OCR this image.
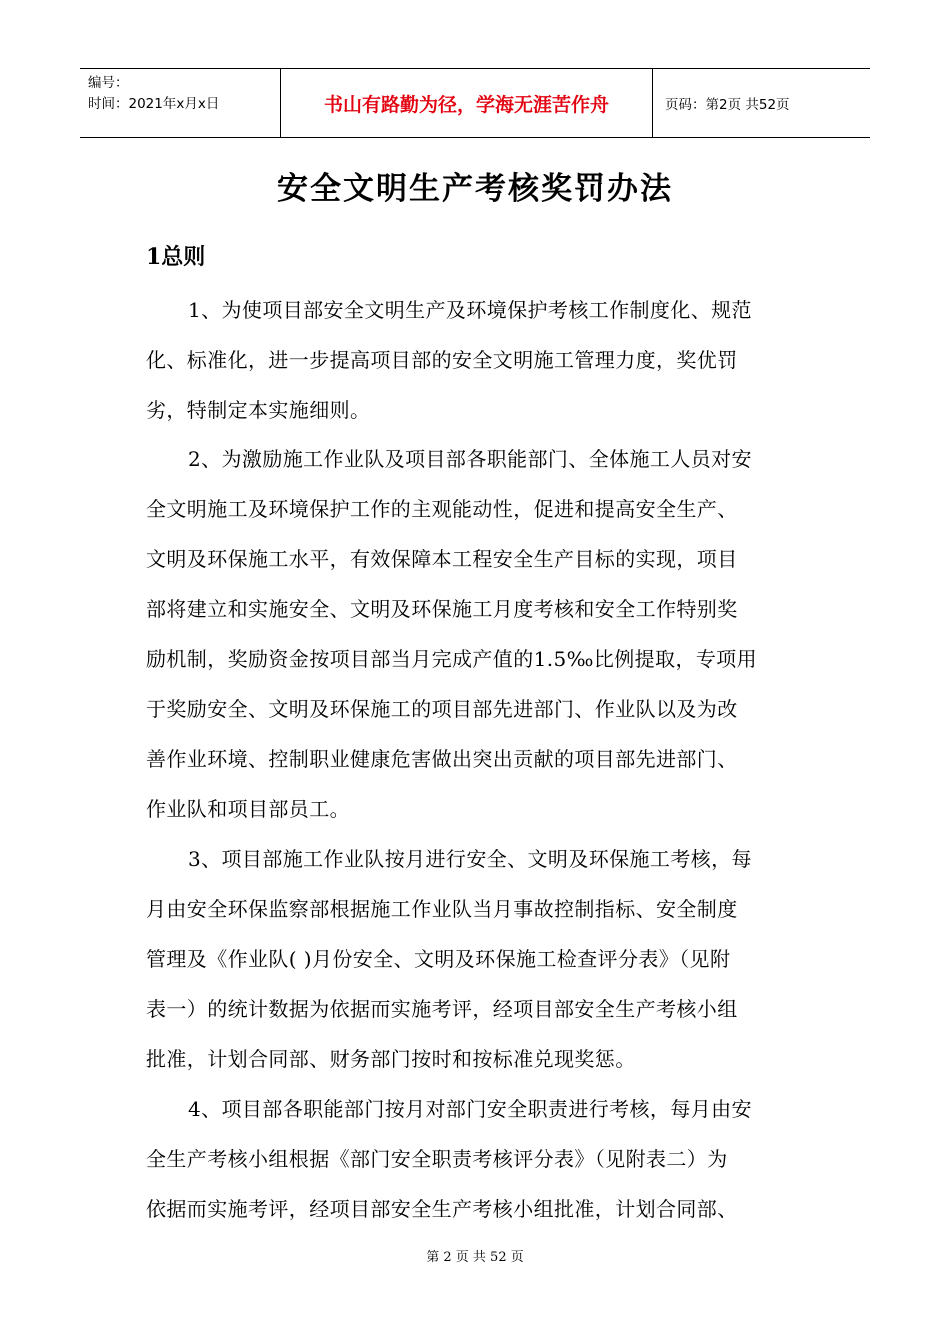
编号：
时间：2021年x月x日	书山有路勤为径，学海无涯苦作舟	页码：第2页 共52页
安全文明生产考核奖罚办法
1总则
1、为使项目部安全文明生产及环境保护考核工作制度化、规范
化、标准化，进一步提高项目部的安全文明施工管理力度，奖优罚
劣，特制定本实施细则。
2、为激励施工作业队及项目部各职能部门、全体施工人员对安
全文明施工及环境保护工作的主观能动性，促进和提高安全生产、
文明及环保施工水平，有效保障本工程安全生产目标的实现，项目
部将建立和实施安全、文明及环保施工月度考核和安全工作特别奖
励机制，奖励资金按项目部当月完成产值的1.5‰比例提取，专项用
于奖励安全、文明及环保施工的项目部先进部门、作业队以及为改
善作业环境、控制职业健康危害做出突出贡献的项目部先进部门、
作业队和项目部员工。
3、项目部施工作业队按月进行安全、文明及环保施工考核，每
月由安全环保监察部根据施工作业队当月事故控制指标、安全制度
管理及《作业队( )月份安全、文明及环保施工检查评分表》（见附
表一）的统计数据为依据而实施考评，经项目部安全生产考核小组
批准，计划合同部、财务部门按时和按标准兑现奖惩。
4、项目部各职能部门按月对部门安全职责进行考核，每月由安
全生产考核小组根据《部门安全职责考核评分表》（见附表二）为
依据而实施考评，经项目部安全生产考核小组批准，计划合同部、
第 2 页 共 52 页
